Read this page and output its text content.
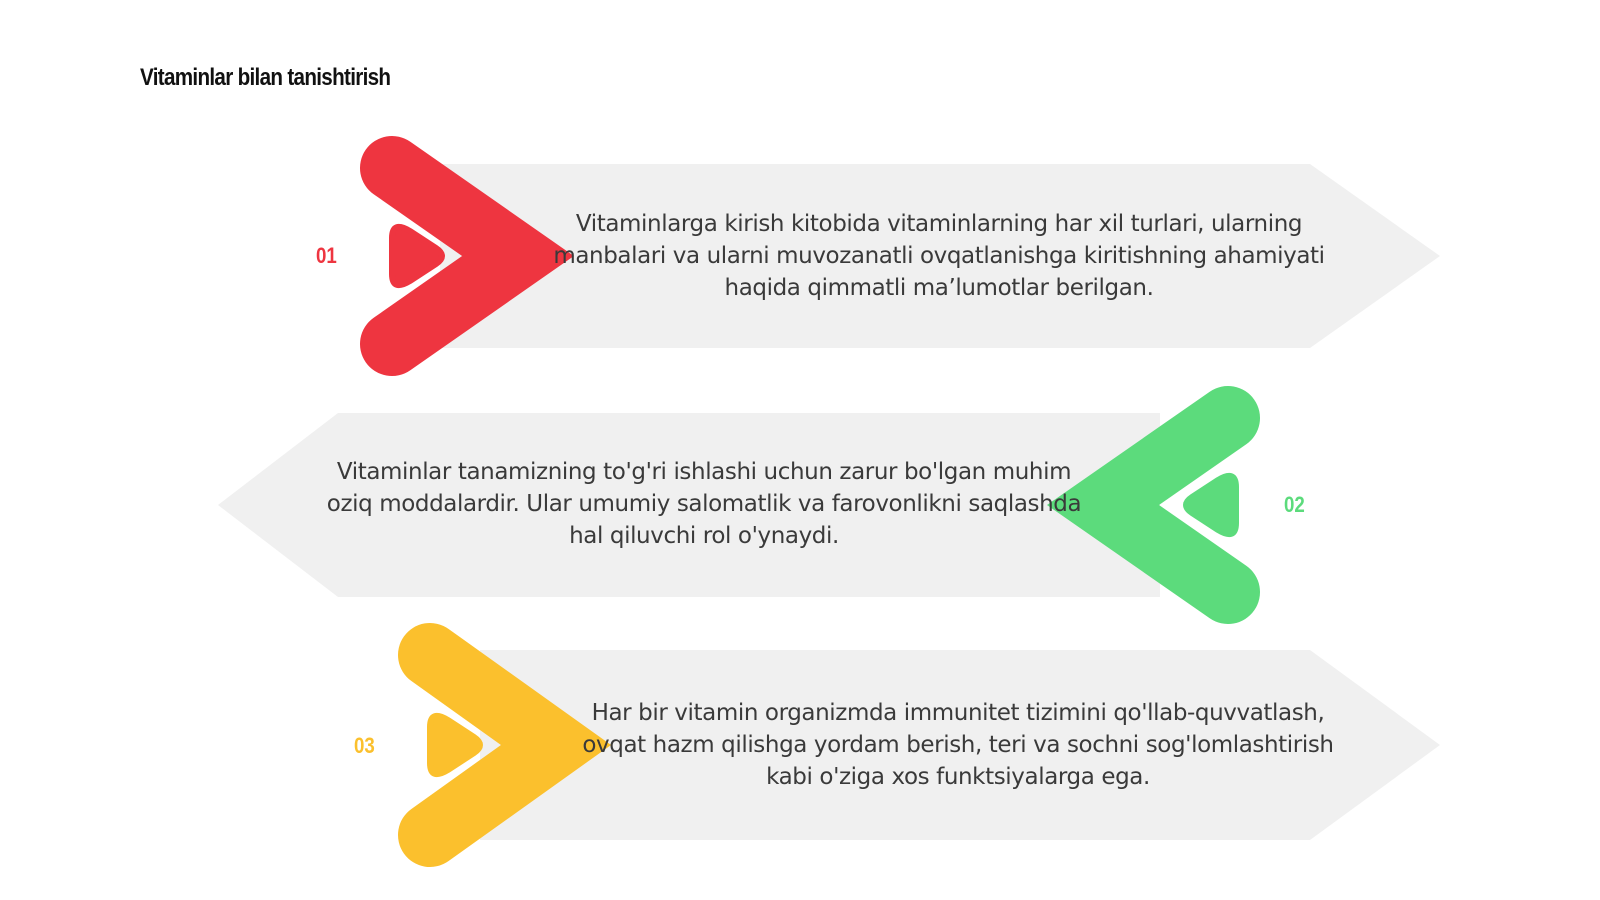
Vitaminlar bilan tanishtirish
01
02
03
Vitaminlarga kirish kitobida vitaminlarning har xil turlari, ularning manbalari va ularni muvozanatli ovqatlanishga kiritishning ahamiyati haqida qimmatli ma’lumotlar berilgan.
Vitaminlar tanamizning to'g'ri ishlashi uchun zarur bo'lgan muhim oziq moddalardir. Ular umumiy salomatlik va farovonlikni saqlashda hal qiluvchi rol o'ynaydi.
Har bir vitamin organizmda immunitet tizimini qo'llab-quvvatlash, ovqat hazm qilishga yordam berish, teri va sochni sog'lomlashtirish kabi o'ziga xos funktsiyalarga ega.
